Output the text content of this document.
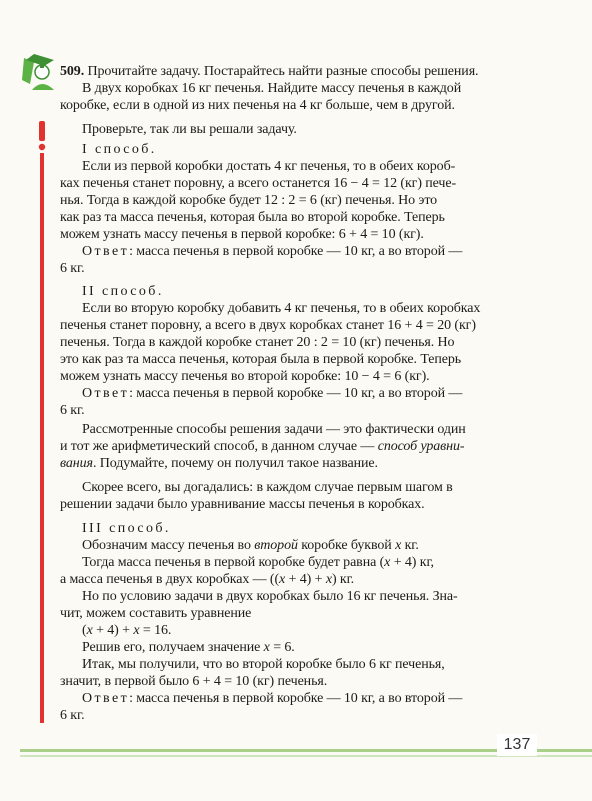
509. Прочитайте задачу. Постарайтесь найти разные способы решения.
В двух коробках 16 кг печенья. Найдите массу печенья в каждой
коробке, если в одной из них печенья на 4 кг больше, чем в другой.
Проверьте, так ли вы решали задачу.
I способ.
Если из первой коробки достать 4 кг печенья, то в обеих короб-
ках печенья станет поровну, а всего останется 16 − 4 = 12 (кг) пече-
нья. Тогда в каждой коробке будет 12 : 2 = 6 (кг) печенья. Но это
как раз та масса печенья, которая была во второй коробке. Теперь
можем узнать массу печенья в первой коробке: 6 + 4 = 10 (кг).
Ответ: масса печенья в первой коробке — 10 кг, а во второй —
6 кг.
II способ.
Если во вторую коробку добавить 4 кг печенья, то в обеих коробках
печенья станет поровну, а всего в двух коробках станет 16 + 4 = 20 (кг)
печенья. Тогда в каждой коробке станет 20 : 2 = 10 (кг) печенья. Но
это как раз та масса печенья, которая была в первой коробке. Теперь
можем узнать массу печенья во второй коробке: 10 − 4 = 6 (кг).
Ответ: масса печенья в первой коробке — 10 кг, а во второй —
6 кг.
Рассмотренные способы решения задачи — это фактически один
и тот же арифметический способ, в данном случае — способ уравни-
вания. Подумайте, почему он получил такое название.
Скорее всего, вы догадались: в каждом случае первым шагом в
решении задачи было уравнивание массы печенья в коробках.
III способ.
Обозначим массу печенья во второй коробке буквой x кг.
Тогда масса печенья в первой коробке будет равна (x + 4) кг,
а масса печенья в двух коробках — ((x + 4) + x) кг.
Но по условию задачи в двух коробках было 16 кг печенья. Зна-
чит, можем составить уравнение
(x + 4) + x = 16.
Решив его, получаем значение x = 6.
Итак, мы получили, что во второй коробке было 6 кг печенья,
значит, в первой было 6 + 4 = 10 (кг) печенья.
Ответ: масса печенья в первой коробке — 10 кг, а во второй —
6 кг.
137
